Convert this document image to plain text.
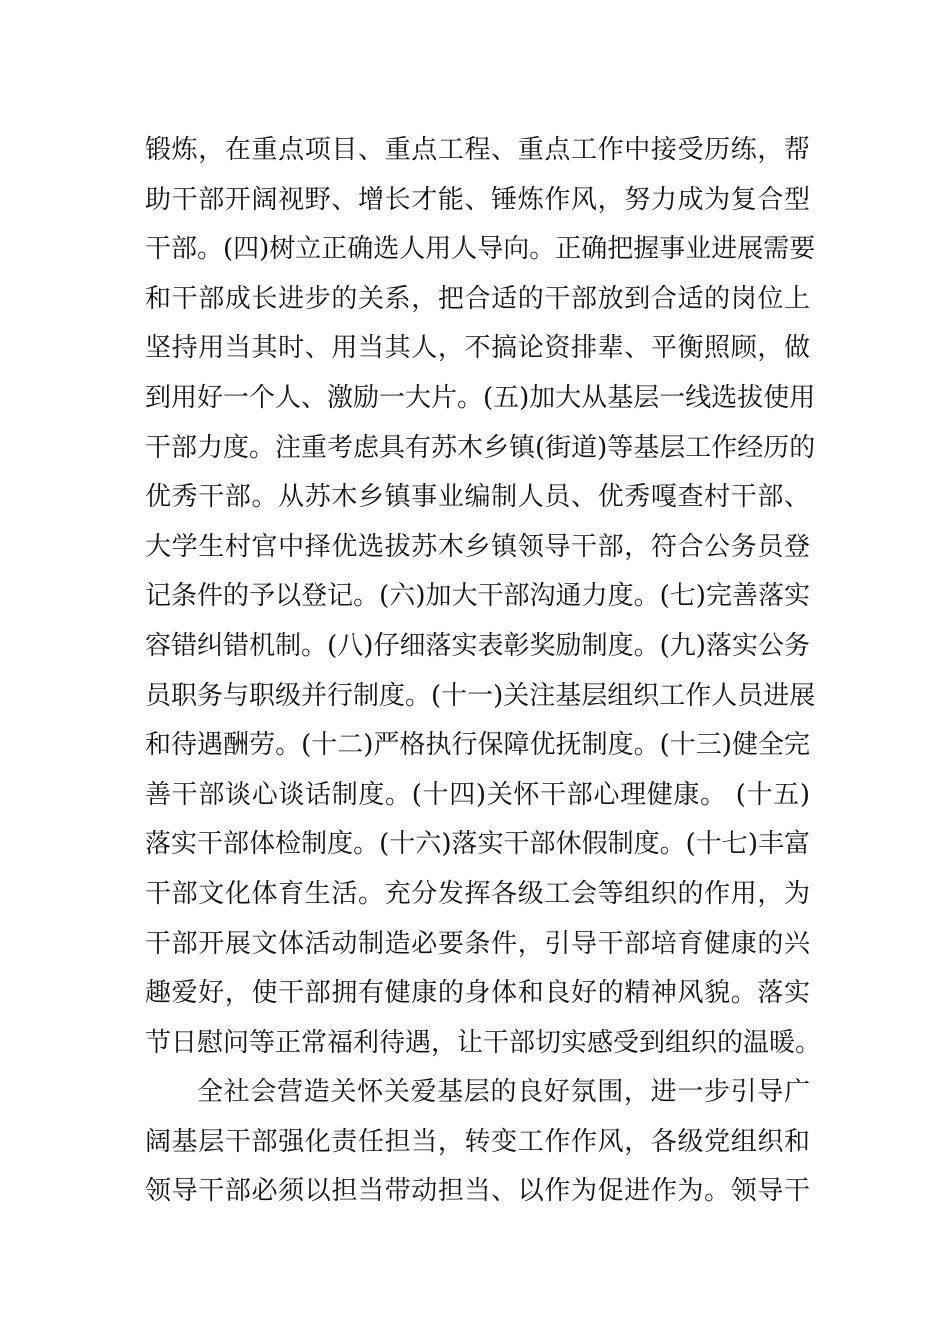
锻炼，在重点项目、重点工程、重点工作中接受历练，帮

助干部开阔视野、增长才能、锤炼作风，努力成为复合型

干部。(四)树立正确选人用人导向。正确把握事业进展需要

和干部成长进步的关系，把合适的干部放到合适的岗位上

坚持用当其时、用当其人，不搞论资排辈、平衡照顾，做

到用好一个人、激励一大片。(五)加大从基层一线选拔使用

干部力度。注重考虑具有苏木乡镇(街道)等基层工作经历的

优秀干部。从苏木乡镇事业编制人员、优秀嘎查村干部、

大学生村官中择优选拔苏木乡镇领导干部，符合公务员登

记条件的予以登记。(六)加大干部沟通力度。(七)完善落实

容错纠错机制。(八)仔细落实表彰奖励制度。(九)落实公务

员职务与职级并行制度。(十一)关注基层组织工作人员进展

和待遇酬劳。(十二)严格执行保障优抚制度。(十三)健全完

善干部谈心谈话制度。(十四)关怀干部心理健康。 (十五)

落实干部体检制度。(十六)落实干部休假制度。(十七)丰富

干部文化体育生活。充分发挥各级工会等组织的作用，为

干部开展文体活动制造必要条件，引导干部培育健康的兴

趣爱好，使干部拥有健康的身体和良好的精神风貌。落实

节日慰问等正常福利待遇，让干部切实感受到组织的温暖。

全社会营造关怀关爱基层的良好氛围，进一步引导广

阔基层干部强化责任担当，转变工作作风，各级党组织和

领导干部必须以担当带动担当、以作为促进作为。领导干
